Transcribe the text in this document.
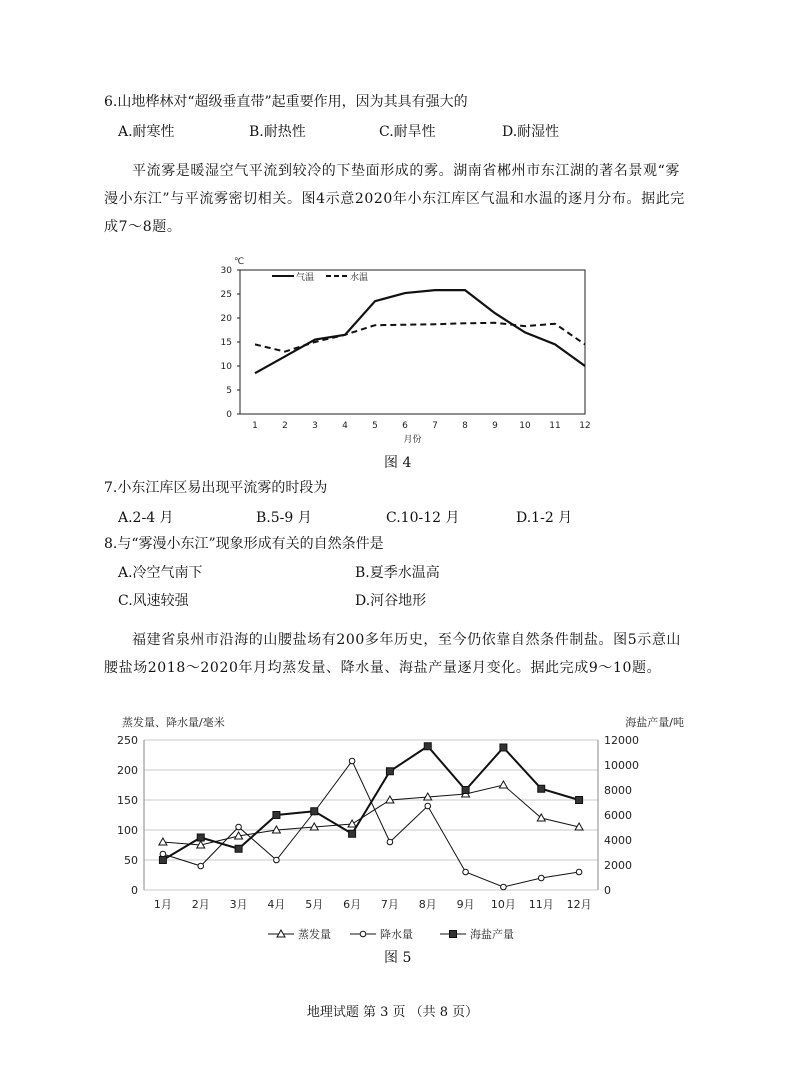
6.山地桦林对“超级垂直带”起重要作用，因为其具有强大的
A.耐寒性	B.耐热性	C.耐旱性	D.耐湿性
平流雾是暖湿空气平流到较冷的下垫面形成的雾。湖南省郴州市东江湖的著名景观“雾漫小东江”与平流雾密切相关。图4示意2020年小东江库区气温和水温的逐月分布。据此完成7～8题。
℃
0
5
10
15
20
25
30
1	2	3	4	5	6	7	8	9 10 11 12
月份
气温	水温
图 4
7.小东江库区易出现平流雾的时段为
A.2-4 月	B.5-9 月	C.10-12 月	D.1-2 月
8.与“雾漫小东江”现象形成有关的自然条件是
A.冷空气南下	B.夏季水温高
C.风速较强	D.河谷地形
福建省泉州市沿海的山腰盐场有200多年历史，至今仍依靠自然条件制盐。图5示意山腰盐场2018～2020年月均蒸发量、降水量、海盐产量逐月变化。据此完成9～10题。
蒸发量、降水量/毫米	海盐产量/吨
0
50
100
150
200
250
0
2000
4000
6000
8000
10000
12000
1月 2月 3月 4月 5月 6月 7月 8月 9月 10月 11月 12月
蒸发量	降水量	海盐产量
图 5
地理试题 第 3 页 （共 8 页）
